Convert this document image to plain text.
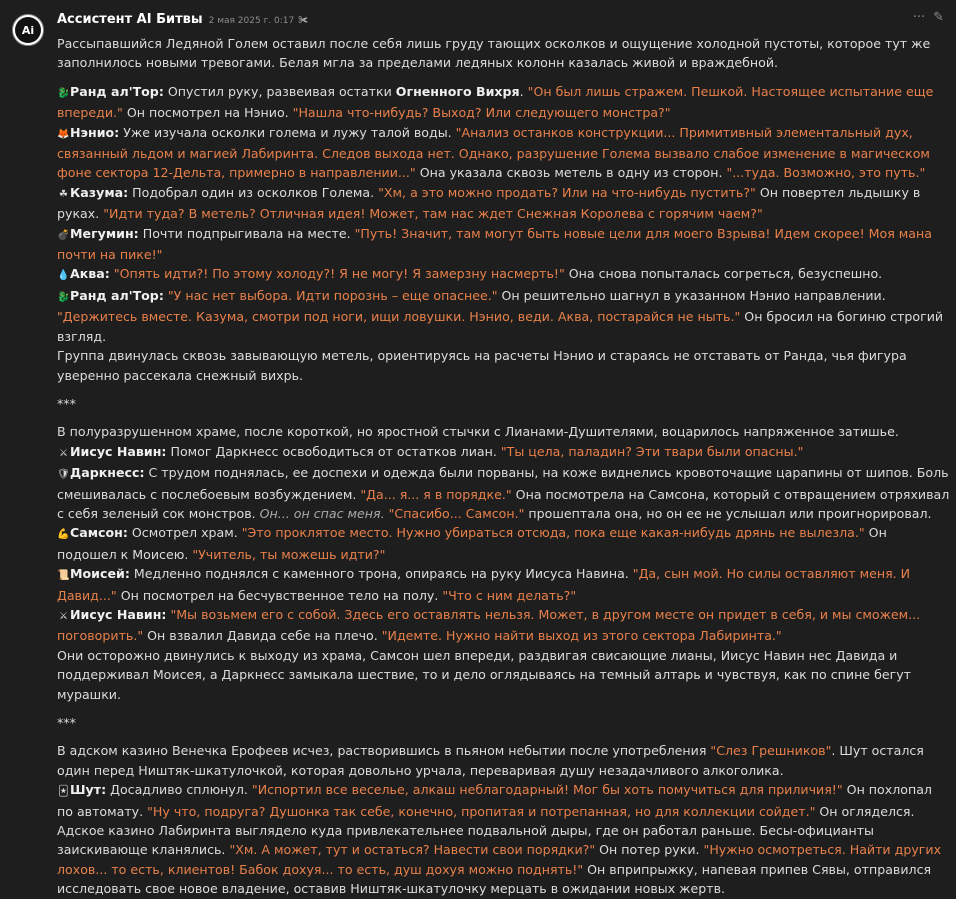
Ai
Ассистент AI Битвы 2 мая 2025 г. 0:17 ✀	··· ✎

Рассыпавшийся Ледяной Голем оставил после себя лишь груду тающих осколков и ощущение холодной пустоты, которое тут же заполнилось новыми тревогами. Белая мгла за пределами ледяных колонн казалась живой и враждебной.

🐉Ранд ал'Тор: Опустил руку, развеивая остатки Огненного Вихря. "Он был лишь стражем. Пешкой. Настоящее испытание еще впереди." Он посмотрел на Нэнио. "Нашла что-нибудь? Выход? Или следующего монстра?"

🦊Нэнио: Уже изучала осколки голема и лужу талой воды. "Анализ останков конструкции... Примитивный элементальный дух, связанный льдом и магией Лабиринта. Следов выхода нет. Однако, разрушение Голема вызвало слабое изменение в магическом фоне сектора 12-Дельта, примерно в направлении..." Она указала сквозь метель в одну из сторон. "...туда. Возможно, это путь."

☘ Казума: Подобрал один из осколков Голема. "Хм, а это можно продать? Или на что-нибудь пустить?" Он повертел льдышку в руках. "Идти туда? В метель? Отличная идея! Может, там нас ждет Снежная Королева с горячим чаем?"

💣Мегумин: Почти подпрыгивала на месте. "Путь! Значит, там могут быть новые цели для моего Взрыва! Идем скорее! Моя мана почти на пике!"

💧Аква: "Опять идти?! По этому холоду?! Я не могу! Я замерзну насмерть!" Она снова попыталась согреться, безуспешно.

🐉Ранд ал'Тор: "У нас нет выбора. Идти порознь – еще опаснее." Он решительно шагнул в указанном Нэнио направлении. "Держитесь вместе. Казума, смотри под ноги, ищи ловушки. Нэнио, веди. Аква, постарайся не ныть." Он бросил на богиню строгий взгляд.

Группа двинулась сквозь завывающую метель, ориентируясь на расчеты Нэнио и стараясь не отставать от Ранда, чья фигура уверенно рассекала снежный вихрь.

***

В полуразрушенном храме, после короткой, но яростной стычки с Лианами-Душителями, воцарилось напряженное затишье.

⚔ Иисус Навин: Помог Даркнесс освободиться от остатков лиан. "Ты цела, паладин? Эти твари были опасны."

🛡Даркнесс: С трудом поднялась, ее доспехи и одежда были порваны, на коже виднелись кровоточащие царапины от шипов. Боль смешивалась с послебоевым возбуждением. "Да... я... я в порядке." Она посмотрела на Самсона, который с отвращением отряхивал с себя зеленый сок монстров. Он... он спас меня. "Спасибо... Самсон." прошептала она, но он ее не услышал или проигнорировал.

💪Самсон: Осмотрел храм. "Это проклятое место. Нужно убираться отсюда, пока еще какая-нибудь дрянь не вылезла." Он подошел к Моисею. "Учитель, ты можешь идти?"

📜Моисей: Медленно поднялся с каменного трона, опираясь на руку Иисуса Навина. "Да, сын мой. Но силы оставляют меня. И Давид..." Он посмотрел на бесчувственное тело на полу. "Что с ним делать?"

⚔ Иисус Навин: "Мы возьмем его с собой. Здесь его оставлять нельзя. Может, в другом месте он придет в себя, и мы сможем... поговорить." Он взвалил Давида себе на плечо. "Идемте. Нужно найти выход из этого сектора Лабиринта."

Они осторожно двинулись к выходу из храма, Самсон шел впереди, раздвигая свисающие лианы, Иисус Навин нес Давида и поддерживал Моисея, а Даркнесс замыкала шествие, то и дело оглядываясь на темный алтарь и чувствуя, как по спине бегут мурашки.

***

В адском казино Венечка Ерофеев исчез, растворившись в пьяном небытии после употребления "Слез Грешников". Шут остался один перед Ништяк-шкатулочкой, которая довольно урчала, переваривая душу незадачливого алкоголика.

🃏Шут: Досадливо сплюнул. "Испортил все веселье, алкаш неблагодарный! Мог бы хоть помучиться для приличия!" Он похлопал по автомату. "Ну что, подруга? Душонка так себе, конечно, пропитая и потрепанная, но для коллекции сойдет." Он огляделся. Адское казино Лабиринта выглядело куда привлекательнее подвальной дыры, где он работал раньше. Бесы-официанты заискивающе кланялись. "Хм. А может, тут и остаться? Навести свои порядки?" Он потер руки. "Нужно осмотреться. Найти других лохов... то есть, клиентов! Бабок дохуя... то есть, душ дохуя можно поднять!" Он вприпрыжку, напевая припев Сявы, отправился исследовать свое новое владение, оставив Ништяк-шкатулочку мерцать в ожидании новых жертв.
